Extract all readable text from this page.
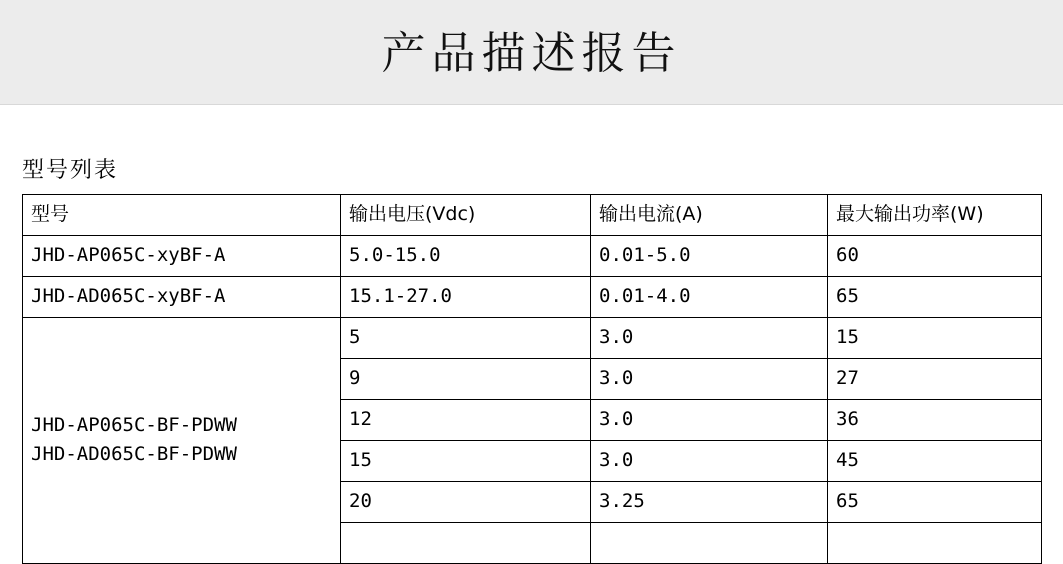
产品描述报告
型号列表
型号	输出电压(Vdc)	输出电流(A)	最大输出功率(W)
JHD-AP065C-xyBF-A	5.0-15.0	0.01-5.0	60
JHD-AD065C-xyBF-A	15.1-27.0	0.01-4.0	65

JHD-AP065C-BF-PDWW
JHD-AD065C-BF-PDWW	5	3.0	15
	9	3.0	27
	12	3.0	36
	15	3.0	45
	20	3.25	65
